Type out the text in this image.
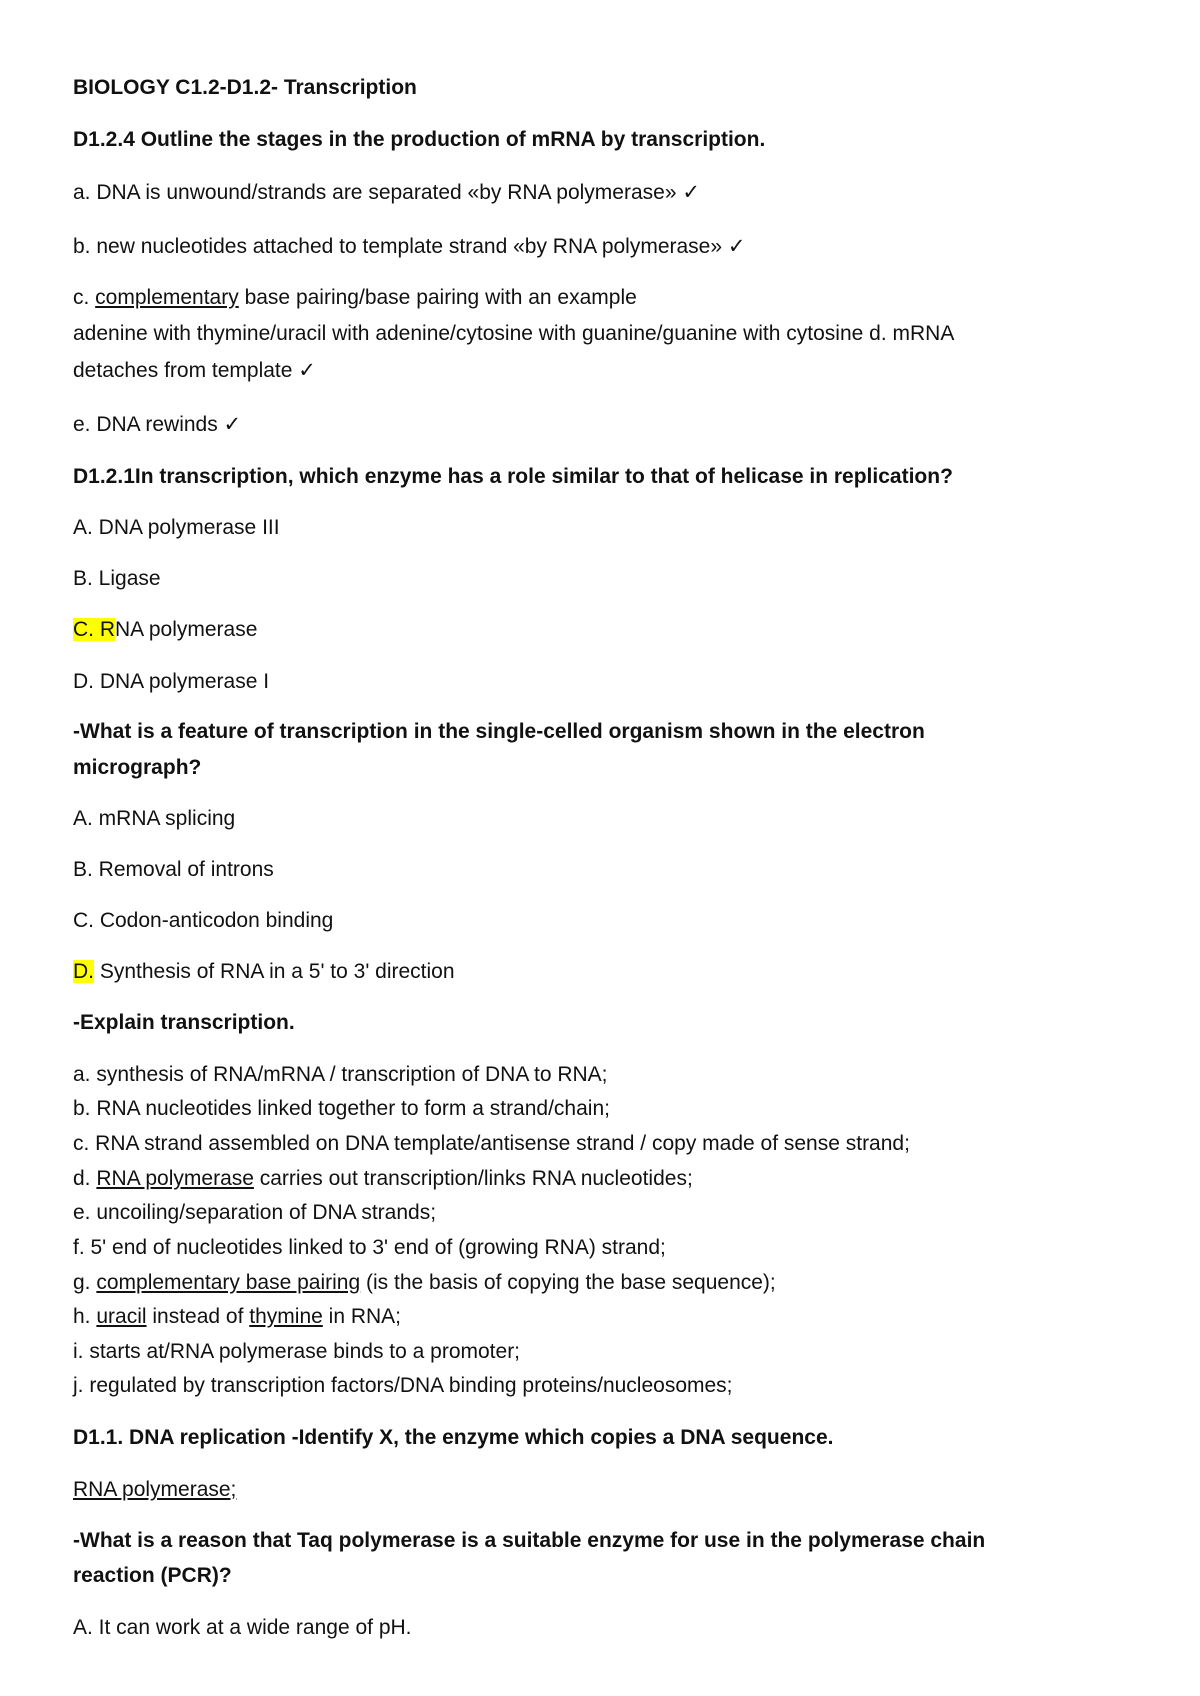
BIOLOGY C1.2-D1.2- Transcription
D1.2.4 Outline the stages in the production of mRNA by transcription.
a. DNA is unwound/strands are separated «by RNA polymerase» ✓
b. new nucleotides attached to template strand «by RNA polymerase» ✓
c. complementary base pairing/base pairing with an example
adenine with thymine/uracil with adenine/cytosine with guanine/guanine with cytosine d. mRNA
detaches from template ✓
e. DNA rewinds ✓
D1.2.1In transcription, which enzyme has a role similar to that of helicase in replication?
A. DNA polymerase III
B. Ligase
C. RNA polymerase
D. DNA polymerase I
-What is a feature of transcription in the single-celled organism shown in the electron
micrograph?
A. mRNA splicing
B. Removal of introns
C. Codon-anticodon binding
D. Synthesis of RNA in a 5' to 3' direction
-Explain transcription.
a. synthesis of RNA/mRNA / transcription of DNA to RNA;
b. RNA nucleotides linked together to form a strand/chain;
c. RNA strand assembled on DNA template/antisense strand / copy made of sense strand;
d. RNA polymerase carries out transcription/links RNA nucleotides;
e. uncoiling/separation of DNA strands;
f. 5' end of nucleotides linked to 3' end of (growing RNA) strand;
g. complementary base pairing (is the basis of copying the base sequence);
h. uracil instead of thymine in RNA;
i. starts at/RNA polymerase binds to a promoter;
j. regulated by transcription factors/DNA binding proteins/nucleosomes;
D1.1. DNA replication -Identify X, the enzyme which copies a DNA sequence.
RNA polymerase;
-What is a reason that Taq polymerase is a suitable enzyme for use in the polymerase chain
reaction (PCR)?
A. It can work at a wide range of pH.
